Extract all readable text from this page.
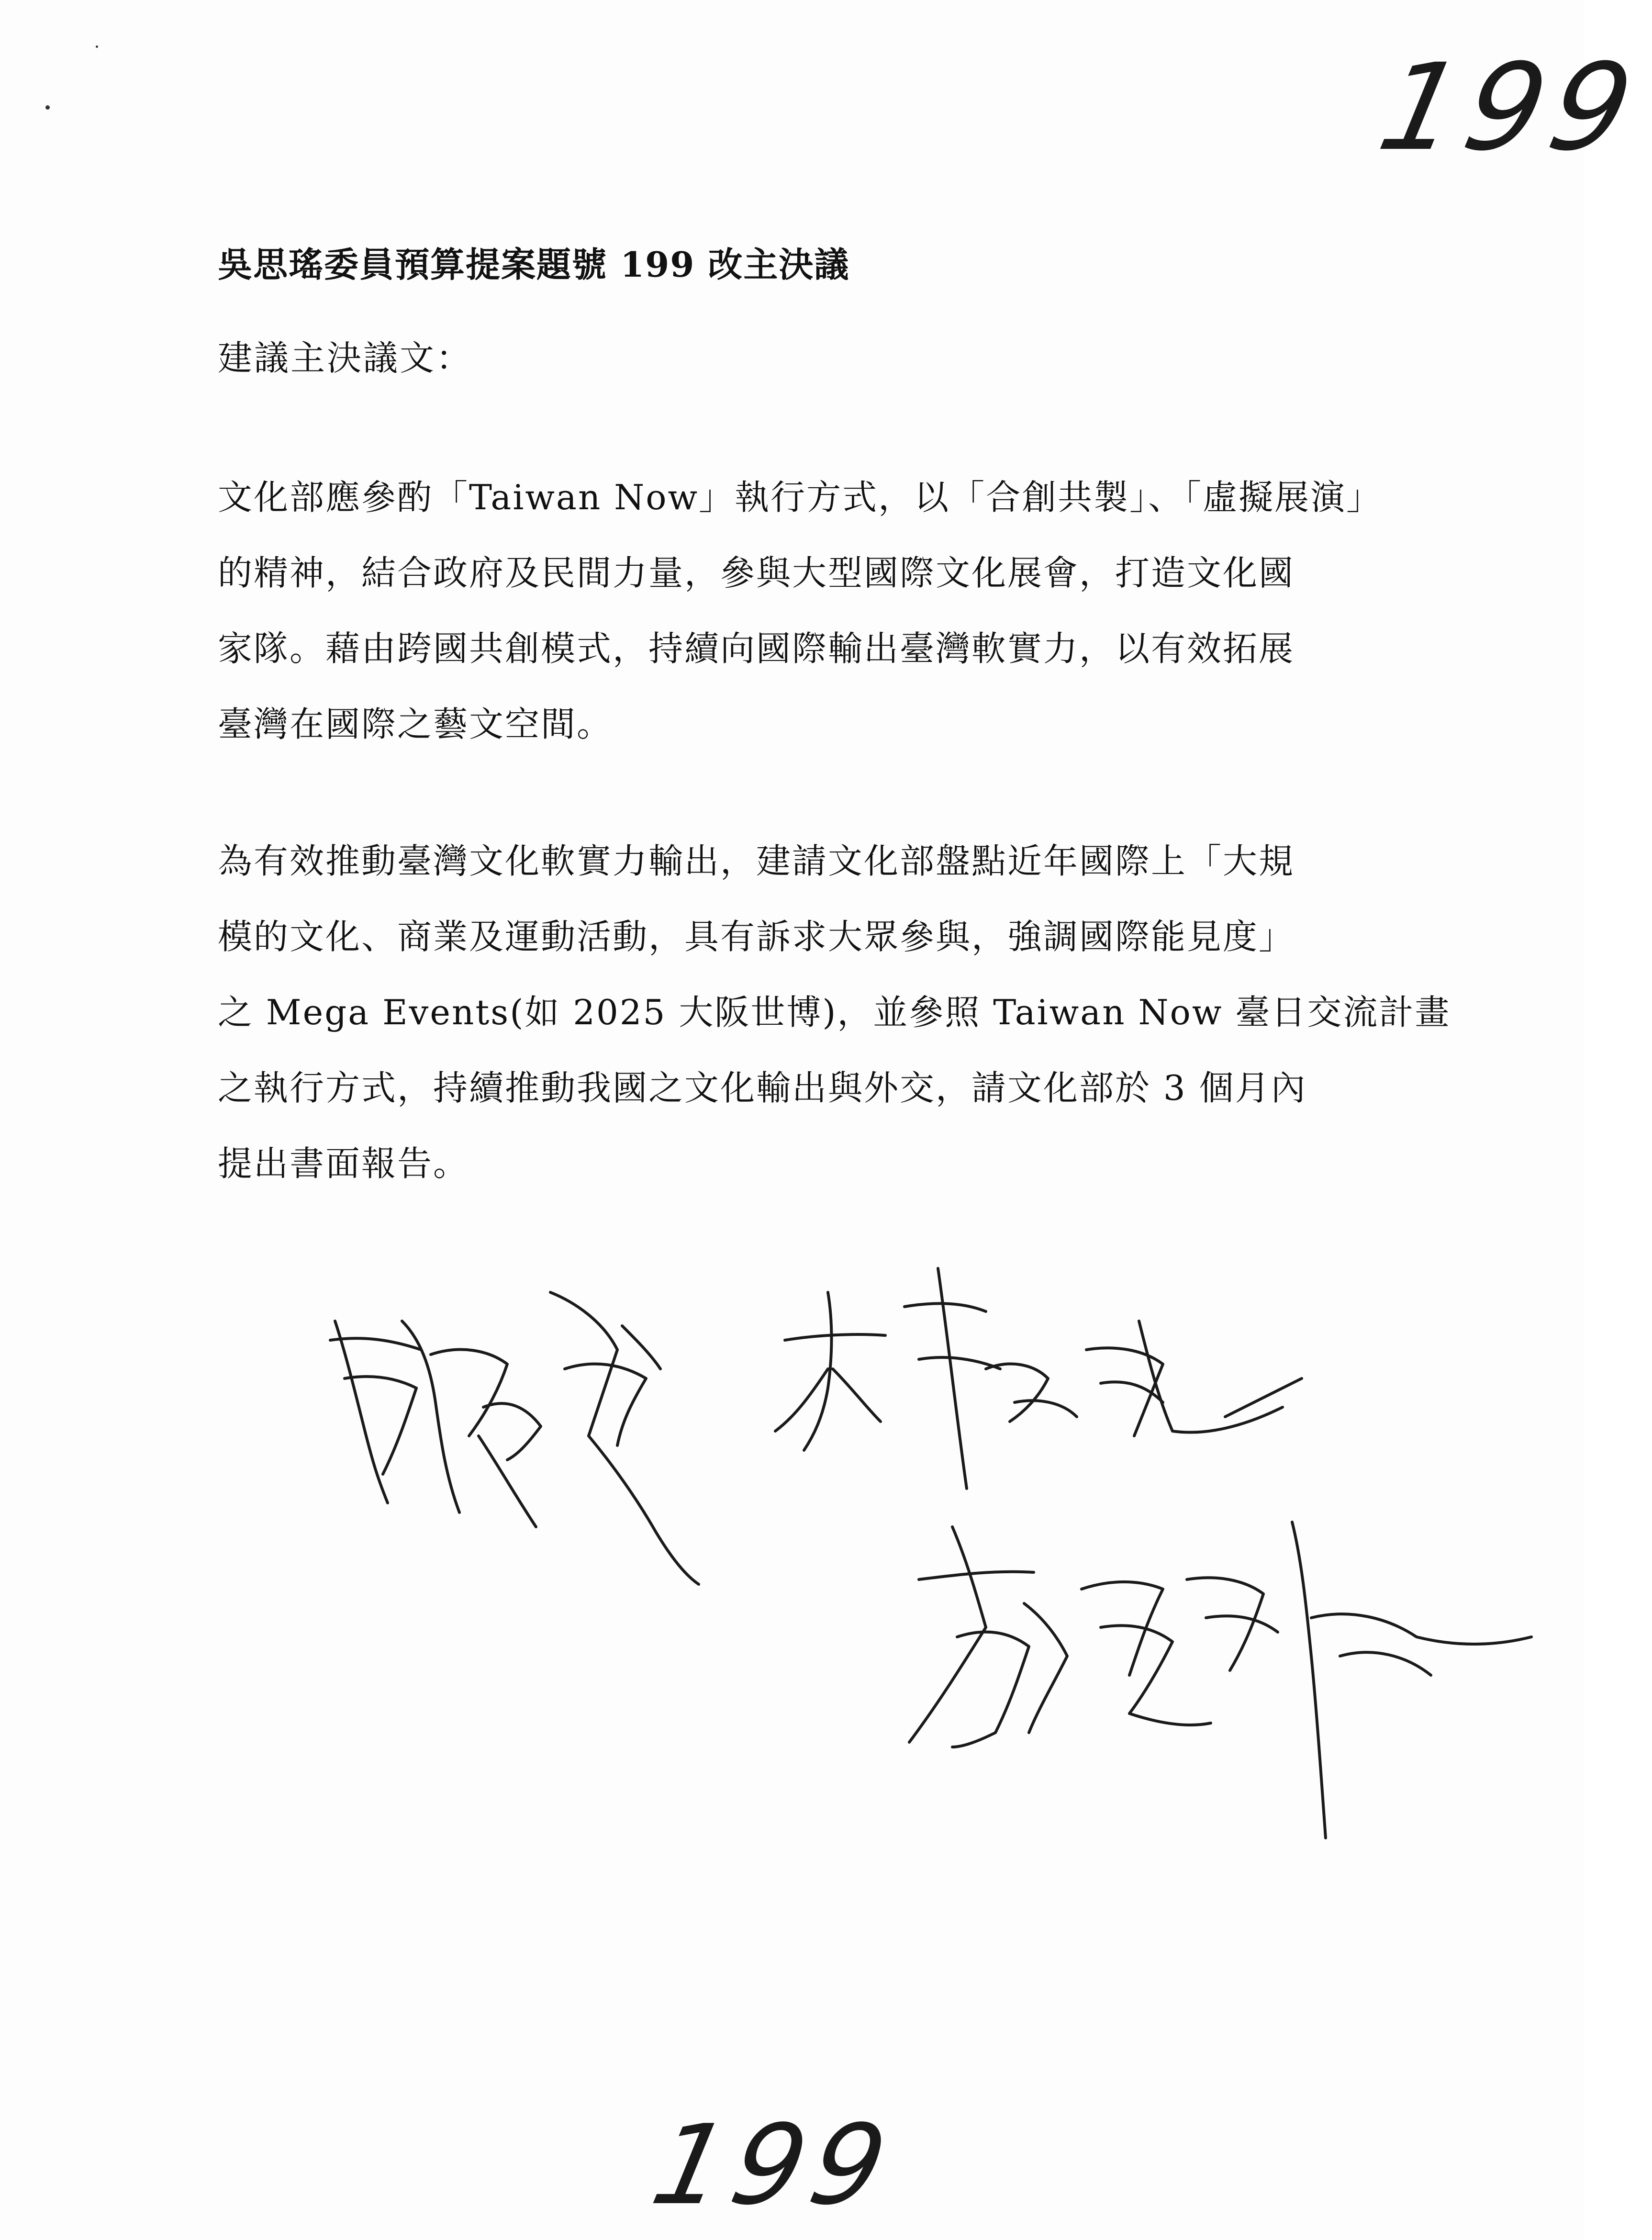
199
吳思瑤委員預算提案題號 199 改主決議
建議主決議文：
文化部應參酌「Taiwan Now」執行方式，以「合創共製」、「虛擬展演」
的精神，結合政府及民間力量，參與大型國際文化展會，打造文化國
家隊。藉由跨國共創模式，持續向國際輸出臺灣軟實力，以有效拓展
臺灣在國際之藝文空間。
為有效推動臺灣文化軟實力輸出，建請文化部盤點近年國際上「大規
模的文化、商業及運動活動，具有訴求大眾參與，強調國際能見度」
之 Mega Events(如 2025 大阪世博)，並參照 Taiwan Now 臺日交流計畫
之執行方式，持續推動我國之文化輸出與外交，請文化部於 3 個月內
提出書面報告。
199
